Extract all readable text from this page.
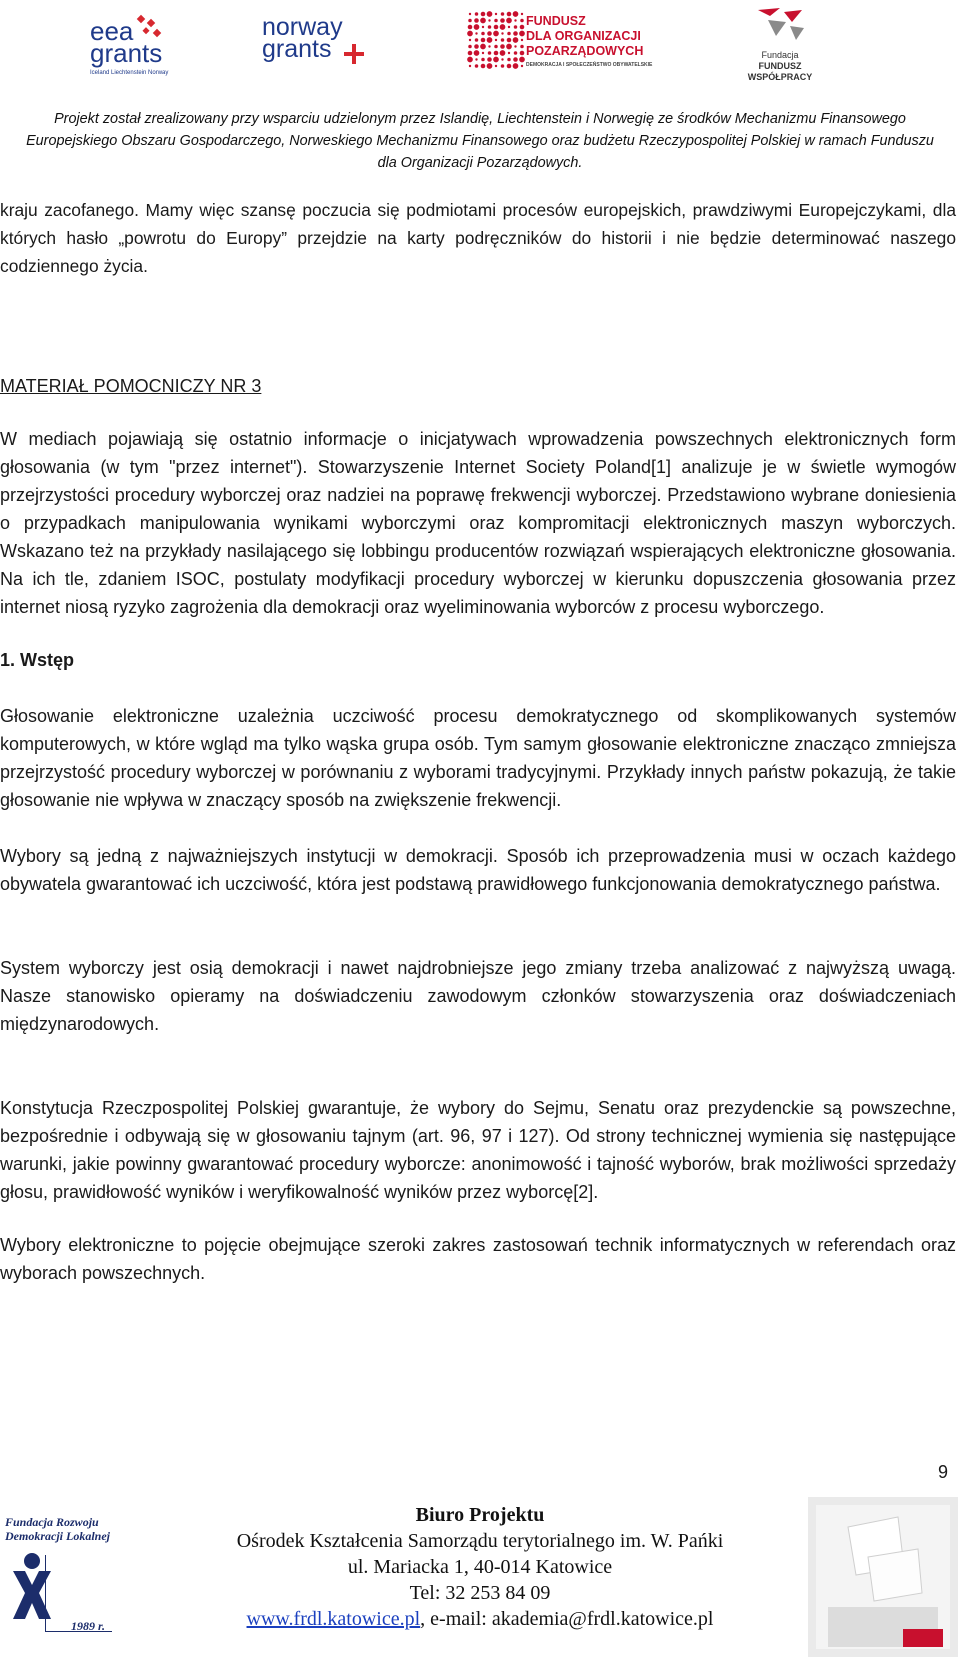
eea
grants
Iceland Liechtenstein Norway
norway
grants
FUNDUSZ
DLA ORGANIZACJI
POZARZĄDOWYCH
DEMOKRACJA I SPOŁECZEŃSTWO OBYWATELSKIE
Fundacja
FUNDUSZ WSPÓŁPRACY
Projekt został zrealizowany przy wsparciu udzielonym przez Islandię, Liechtenstein i Norwegię ze środków Mechanizmu Finansowego
Europejskiego Obszaru Gospodarczego, Norweskiego Mechanizmu Finansowego oraz budżetu Rzeczypospolitej Polskiej w ramach Funduszu
dla Organizacji Pozarządowych.

kraju zacofanego. Mamy więc szansę poczucia się podmiotami procesów europejskich, prawdziwymi Europejczykami, dla których hasło „powrotu do Europy” przejdzie na karty podręczników do historii i nie będzie determinować naszego codziennego życia.

MATERIAŁ POMOCNICZY NR 3

W mediach pojawiają się ostatnio informacje o inicjatywach wprowadzenia powszechnych elektronicznych form głosowania (w tym "przez internet"). Stowarzyszenie Internet Society Poland[1] analizuje je w świetle wymogów przejrzystości procedury wyborczej oraz nadziei na poprawę frekwencji wyborczej. Przedstawiono wybrane doniesienia o przypadkach manipulowania wynikami wyborczymi oraz kompromitacji elektronicznych maszyn wyborczych. Wskazano też na przykłady nasilającego się lobbingu producentów rozwiązań wspierających elektroniczne głosowania. Na ich tle, zdaniem ISOC, postulaty modyfikacji procedury wyborczej w kierunku dopuszczenia głosowania przez internet niosą ryzyko zagrożenia dla demokracji oraz wyeliminowania wyborców z procesu wyborczego.

1. Wstęp

Głosowanie elektroniczne uzależnia uczciwość procesu demokratycznego od skomplikowanych systemów komputerowych, w które wgląd ma tylko wąska grupa osób. Tym samym głosowanie elektroniczne znacząco zmniejsza przejrzystość procedury wyborczej w porównaniu z wyborami tradycyjnymi. Przykłady innych państw pokazują, że takie głosowanie nie wpływa w znaczący sposób na zwiększenie frekwencji.

Wybory są jedną z najważniejszych instytucji w demokracji. Sposób ich przeprowadzenia musi w oczach każdego obywatela gwarantować ich uczciwość, która jest podstawą prawidłowego funkcjonowania demokratycznego państwa.

System wyborczy jest osią demokracji i nawet najdrobniejsze jego zmiany trzeba analizować z najwyższą uwagą. Nasze stanowisko opieramy na doświadczeniu zawodowym członków stowarzyszenia oraz doświadczeniach międzynarodowych.

Konstytucja Rzeczpospolitej Polskiej gwarantuje, że wybory do Sejmu, Senatu oraz prezydenckie są powszechne, bezpośrednie i odbywają się w głosowaniu tajnym (art. 96, 97 i 127). Od strony technicznej wymienia się następujące warunki, jakie powinny gwarantować procedury wyborcze: anonimowość i tajność wyborów, brak możliwości sprzedaży głosu, prawidłowość wyników i weryfikowalność wyników przez wyborcę[2].

Wybory elektroniczne to pojęcie obejmujące szeroki zakres zastosowań technik informatycznych w referendach oraz wyborach powszechnych.

9
Fundacja Rozwoju
Demokracji Lokalnej
1989 r.
Biuro Projektu
Ośrodek Kształcenia Samorządu terytorialnego im. W. Pańki
ul. Mariacka 1, 40-014 Katowice
Tel: 32 253 84 09
www.frdl.katowice.pl, e-mail: akademia@frdl.katowice.pl
